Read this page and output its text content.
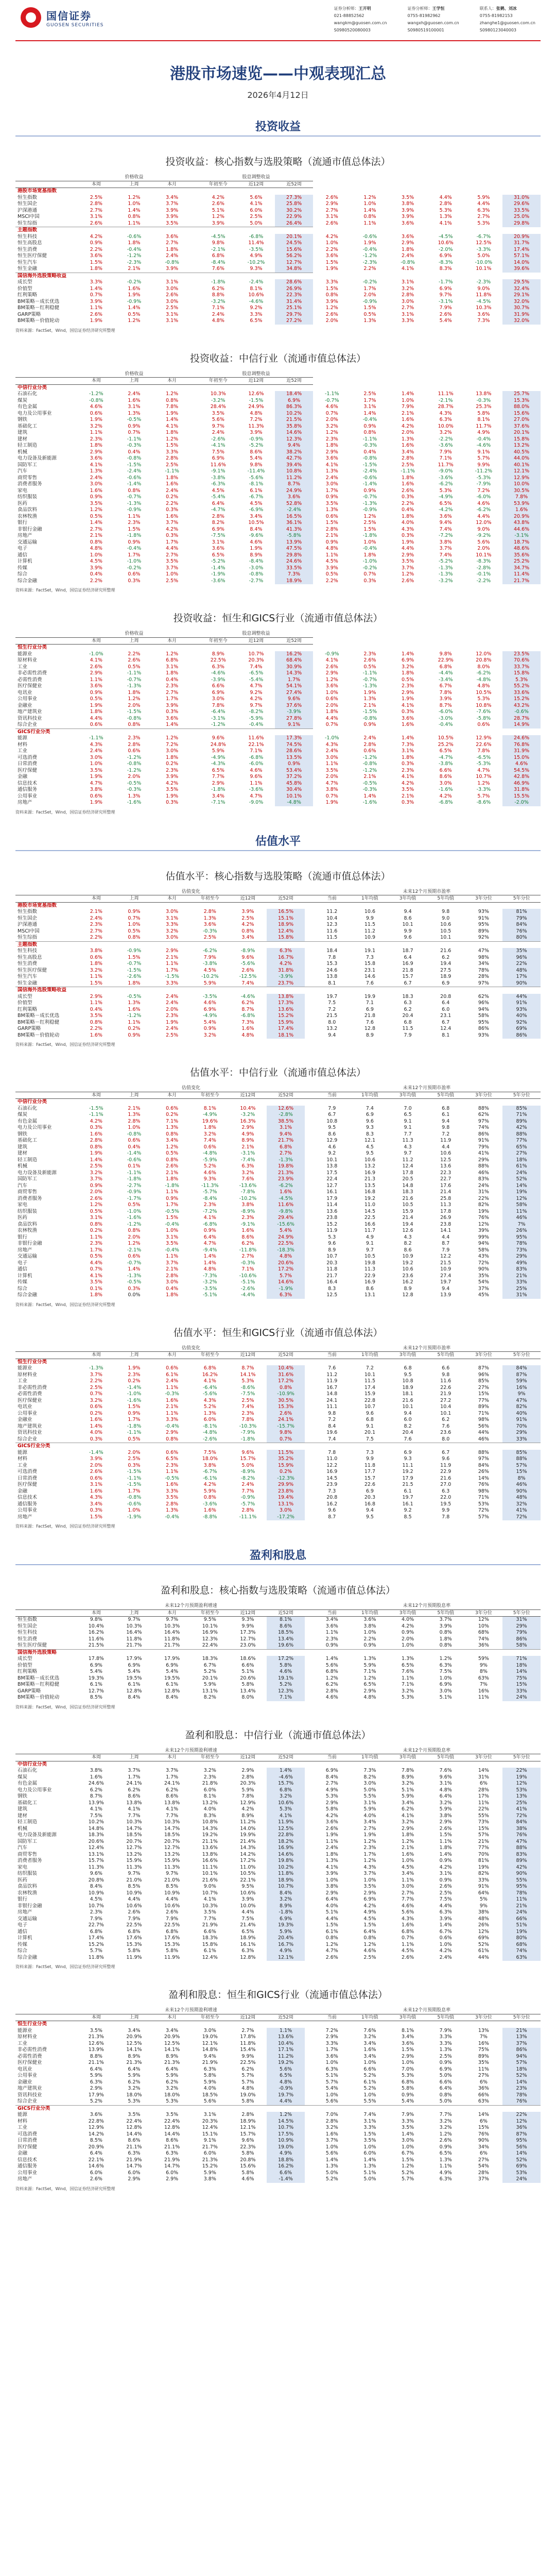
国信证券
GUOSEN SECURITIES
证券分析师：王开明
021-88852562
wangkm@guosen.com.cn
S0980520080003
证券分析师：王学恒
0755-81982962
wangxh@guosen.com.cn
S0980519100001
联系人：张鹤、刘冰
0755-81982153
zhanghe1@guosen.com.cn
S0980123040003
港股市场速览——中观表现汇总
2026年4月12日
投资收益
投资收益：核心指数与选股策略（流通市值总体法）
	价格收益				股息调整收益								
	本周	上周	本月		年初至今	近12周	近52周						
港股市场宽基指数													
恒生指数	2.5%	1.2%	3.4%		4.2%	5.6%	27.3%	2.6%	1.2%	3.5%	4.4%	5.9%	31.0%
恒生国企	2.8%	1.0%	3.7%		2.6%	4.1%	25.8%	2.9%	1.0%	3.8%	2.8%	4.4%	29.6%
沪深港通	2.7%	1.4%	3.9%		5.1%	6.0%	30.2%	2.7%	1.4%	3.9%	5.3%	6.3%	33.5%
MSCI中国	3.1%	0.8%	3.9%		1.2%	2.5%	22.9%	3.1%	0.8%	3.9%	1.3%	2.7%	25.0%
恒生综指	2.6%	1.1%	3.5%		3.9%	5.0%	26.4%	2.6%	1.1%	3.6%	4.1%	5.3%	29.8%
主题指数													
恒生科技	4.2%	-0.6%	3.6%		-4.5%	-6.8%	20.1%	4.2%	-0.6%	3.6%	-4.5%	-6.7%	20.9%
恒生高股息	0.9%	1.8%	2.7%		9.8%	11.4%	24.5%	1.0%	1.9%	2.9%	10.6%	12.5%	31.7%
恒生消费	2.2%	-0.4%	1.8%		-2.1%	-3.5%	15.6%	2.2%	-0.4%	1.8%	-2.0%	-3.3%	17.4%
恒生医疗保健	3.6%	-1.2%	2.4%		6.8%	4.9%	56.2%	3.6%	-1.2%	2.4%	6.9%	5.0%	57.1%
恒生汽车	1.5%	-2.3%	-0.8%		-8.4%	-10.2%	12.7%	1.5%	-2.3%	-0.8%	-8.3%	-10.0%	14.0%
恒生金融	1.8%	2.1%	3.9%		7.6%	9.3%	34.8%	1.9%	2.2%	4.1%	8.3%	10.1%	39.6%
国信海外选股策略收益													
成长型	3.3%	-0.2%	3.1%		-1.8%	-2.4%	28.6%	3.3%	-0.2%	3.1%	-1.7%	-2.3%	29.5%
价值型	1.4%	1.6%	3.0%		6.2%	8.1%	26.9%	1.5%	1.7%	3.2%	6.9%	9.0%	32.4%
红利策略	0.7%	1.9%	2.6%		8.8%	10.6%	22.3%	0.8%	2.0%	2.8%	9.7%	11.8%	29.1%
BM策略－成长优选	3.9%	-0.9%	3.0%		-3.2%	-4.6%	31.4%	3.9%	-0.9%	3.0%	-3.1%	-4.5%	32.0%
BM策略－红利稳健	1.1%	1.4%	2.5%		7.1%	9.2%	25.1%	1.2%	1.5%	2.7%	7.9%	10.3%	30.7%
GARP策略	2.6%	0.5%	3.1%		2.4%	3.3%	29.7%	2.6%	0.5%	3.1%	2.6%	3.6%	31.9%
BM策略－价值轮动	1.9%	1.2%	3.1%		4.8%	6.5%	27.2%	2.0%	1.3%	3.3%	5.4%	7.3%	32.0%
资料来源：FactSet，Wind，国信证券经济研究所整理
投资收益：中信行业（流通市值总体法）
	价格收益				股息调整收益								
	本周	上周	本月		年初至今	近12周	近52周						
中信行业分类													
石油石化	-1.2%	2.4%	1.2%		10.3%	12.6%	18.4%	-1.1%	2.5%	1.4%	11.1%	13.8%	25.7%
煤炭	-0.8%	1.6%	0.8%		-3.2%	-1.5%	6.9%	-0.7%	1.7%	1.0%	-2.1%	-0.3%	15.3%
有色金属	4.6%	3.1%	7.8%		28.4%	24.9%	86.3%	4.6%	3.1%	7.9%	28.7%	25.3%	88.0%
电力及公用事业	0.6%	1.3%	1.9%		3.5%	4.8%	10.2%	0.7%	1.4%	2.1%	4.3%	5.8%	15.6%
钢铁	1.9%	-0.5%	1.4%		5.6%	7.2%	21.5%	2.0%	-0.4%	1.6%	6.3%	8.1%	27.0%
基础化工	3.2%	0.9%	4.1%		9.7%	11.3%	35.8%	3.2%	0.9%	4.2%	10.0%	11.7%	37.6%
建筑	1.1%	0.7%	1.8%		2.4%	3.9%	14.6%	1.2%	0.8%	2.0%	3.2%	4.9%	20.1%
建材	2.3%	-1.1%	1.2%		-2.6%	-0.9%	12.3%	2.3%	-1.1%	1.3%	-2.2%	-0.4%	15.8%
轻工制造	1.8%	-0.3%	1.5%		-4.1%	-5.2%	9.4%	1.8%	-0.3%	1.6%	-3.6%	-4.6%	13.2%
机械	2.9%	0.4%	3.3%		7.5%	8.6%	38.2%	2.9%	0.4%	3.4%	7.9%	9.1%	40.5%
电力设备及新能源	3.6%	-0.8%	2.8%		6.9%	5.4%	42.7%	3.6%	-0.8%	2.8%	7.1%	5.7%	44.0%
国防军工	4.1%	-1.5%	2.5%		11.6%	9.8%	39.4%	4.1%	-1.5%	2.5%	11.7%	9.9%	40.1%
汽车	1.3%	-2.4%	-1.1%		-9.1%	-11.4%	10.8%	1.3%	-2.4%	-1.1%	-9.0%	-11.2%	12.1%
商贸零售	2.4%	-0.6%	1.8%		-3.8%	-5.6%	11.2%	2.4%	-0.6%	1.8%	-3.6%	-5.3%	12.9%
消费者服务	3.0%	-1.4%	1.6%		-6.3%	-8.1%	8.7%	3.0%	-1.4%	1.6%	-6.2%	-7.9%	10.0%
家电	1.6%	0.8%	2.4%		4.5%	6.1%	24.9%	1.7%	0.9%	2.6%	5.3%	7.2%	30.5%
纺织服装	0.9%	-0.7%	0.2%		-5.4%	-6.7%	3.6%	0.9%	-0.7%	0.3%	-4.9%	-6.0%	7.8%
医药	3.5%	-1.3%	2.2%		6.4%	4.5%	52.8%	3.5%	-1.3%	2.2%	6.5%	4.6%	53.9%
食品饮料	1.2%	-0.9%	0.3%		-4.7%	-6.9%	-2.4%	1.3%	-0.9%	0.4%	-4.2%	-6.2%	1.6%
农林牧渔	0.5%	1.1%	1.6%		2.8%	3.4%	16.5%	0.6%	1.2%	1.8%	3.6%	4.4%	20.9%
银行	1.4%	2.3%	3.7%		8.2%	10.5%	36.1%	1.5%	2.5%	4.0%	9.4%	12.0%	43.8%
非银行金融	2.7%	1.5%	4.2%		6.9%	8.4%	41.3%	2.8%	1.5%	4.3%	7.4%	9.0%	44.6%
房地产	2.1%	-1.8%	0.3%		-7.5%	-9.6%	-5.8%	2.1%	-1.8%	0.3%	-7.2%	-9.2%	-3.1%
交通运输	0.8%	0.9%	1.7%		3.1%	4.6%	13.9%	0.9%	1.0%	1.9%	3.8%	5.6%	18.7%
电子	4.8%	-0.4%	4.4%		3.6%	1.9%	47.5%	4.8%	-0.4%	4.4%	3.7%	2.0%	48.6%
通信	1.0%	1.7%	2.7%		6.5%	8.9%	29.8%	1.1%	1.8%	2.9%	7.4%	10.1%	35.6%
计算机	4.5%	-1.0%	3.5%		-5.2%	-8.4%	24.6%	4.5%	-1.0%	3.5%	-5.2%	-8.3%	25.2%
传媒	3.9%	-0.2%	3.7%		-1.4%	-3.0%	33.5%	3.9%	-0.2%	3.7%	-1.3%	-2.8%	34.7%
综合	0.4%	0.6%	1.0%		-1.9%	-0.8%	7.3%	0.5%	0.7%	1.2%	-1.3%	-0.1%	11.4%
综合金融	2.2%	0.3%	2.5%		-3.6%	-2.7%	18.9%	2.2%	0.3%	2.6%	-3.2%	-2.2%	21.7%
资料来源：FactSet，Wind，国信证券经济研究所整理
投资收益：恒生和GICS行业（流通市值总体法）
	价格收益				股息调整收益								
	本周	上周	本月		年初至今	近12周	近52周						
恒生行业分类													
能源业	-1.0%	2.2%	1.2%		8.9%	10.7%	16.2%	-0.9%	2.3%	1.4%	9.8%	12.0%	23.5%
原材料业	4.1%	2.6%	6.8%		22.5%	20.3%	68.4%	4.1%	2.6%	6.9%	22.9%	20.8%	70.6%
工业	2.6%	0.5%	3.1%		6.3%	7.4%	30.9%	2.6%	0.5%	3.2%	6.8%	8.0%	33.7%
非必需性消费	2.9%	-1.1%	1.8%		-4.6%	-6.5%	14.3%	2.9%	-1.1%	1.8%	-4.4%	-6.2%	15.8%
必需性消费	1.1%	-0.7%	0.4%		-3.9%	-5.4%	1.7%	1.2%	-0.7%	0.5%	-3.4%	-4.8%	5.3%
医疗保健业	3.6%	-1.3%	2.3%		6.6%	4.7%	54.1%	3.6%	-1.3%	2.3%	6.7%	4.8%	55.2%
电讯业	0.9%	1.8%	2.7%		6.9%	9.2%	27.4%	1.0%	1.9%	2.9%	7.8%	10.5%	33.6%
公用事业	0.5%	1.2%	1.7%		3.0%	4.2%	9.6%	0.6%	1.3%	1.9%	3.9%	5.3%	15.2%
金融业	1.9%	2.0%	3.9%		7.8%	9.7%	37.6%	2.0%	2.1%	4.1%	8.7%	10.8%	43.2%
地产建筑业	1.8%	-1.5%	0.3%		-6.4%	-8.2%	-3.9%	1.8%	-1.5%	0.3%	-6.0%	-7.6%	-0.6%
资讯科技业	4.4%	-0.8%	3.6%		-3.1%	-5.9%	27.8%	4.4%	-0.8%	3.6%	-3.0%	-5.8%	28.7%
综合企业	0.6%	0.8%	1.4%		-1.2%	-0.4%	9.1%	0.7%	0.9%	1.6%	-0.4%	0.6%	14.9%
GICS行业分类													
能源	-1.1%	2.3%	1.2%		9.6%	11.6%	17.3%	-1.0%	2.4%	1.4%	10.5%	12.9%	24.6%
材料	4.3%	2.8%	7.2%		24.8%	22.1%	74.5%	4.3%	2.8%	7.3%	25.2%	22.6%	76.8%
工业	2.4%	0.6%	3.0%		5.9%	7.1%	28.6%	2.4%	0.6%	3.1%	6.5%	7.8%	31.9%
可选消费	3.0%	-1.2%	1.8%		-4.9%	-6.8%	13.5%	3.0%	-1.2%	1.8%	-4.7%	-6.5%	15.0%
日常消费	1.0%	-0.8%	0.2%		-4.3%	-6.0%	0.9%	1.1%	-0.8%	0.3%	-3.8%	-5.3%	4.6%
医疗保健	3.5%	-1.2%	2.3%		6.5%	4.6%	53.4%	3.5%	-1.2%	2.3%	6.6%	4.7%	54.5%
金融	1.9%	2.0%	3.9%		7.7%	9.6%	37.2%	2.0%	2.1%	4.1%	8.6%	10.7%	42.8%
信息技术	4.7%	-0.5%	4.2%		2.9%	1.1%	45.8%	4.7%	-0.5%	4.2%	3.0%	1.2%	46.9%
通信服务	3.8%	-0.3%	3.5%		-1.8%	-3.6%	30.4%	3.8%	-0.3%	3.5%	-1.6%	-3.3%	31.8%
公用事业	0.6%	1.3%	1.9%		3.4%	4.7%	10.1%	0.7%	1.4%	2.1%	4.2%	5.7%	15.5%
房地产	1.9%	-1.6%	0.3%		-7.1%	-9.0%	-4.8%	1.9%	-1.6%	0.3%	-6.8%	-8.6%	-2.0%
资料来源：FactSet，Wind，国信证券经济研究所整理
估值水平
估值水平：核心指数与选股策略（流通市值总体法）
	估值变化							未来12个月预期市盈率					
	本周	上周	本月	年初至今	近12周	近52周		当前	1年均值	3年均值	5年均值	3年分位	5年分位
港股市场宽基指数													
恒生指数	2.1%	0.9%	3.0%	2.8%	3.9%	16.5%		11.2	10.6	9.4	9.8	93%	81%
恒生国企	2.4%	0.7%	3.1%	1.3%	2.5%	15.1%		10.4	9.9	8.6	9.0	91%	79%
沪深港通	2.3%	1.0%	3.3%	3.6%	4.2%	18.9%		12.3	11.5	10.1	10.6	95%	84%
MSCI中国	2.7%	0.5%	3.2%	-0.3%	0.8%	12.4%		11.6	11.2	9.9	10.5	89%	76%
恒生综指	2.2%	0.8%	3.0%	2.5%	3.4%	15.8%		11.5	10.9	9.6	10.1	92%	80%
主题指数													
恒生科技	3.8%	-0.9%	2.9%	-6.2%	-8.9%	6.3%		18.4	19.1	18.7	21.6	47%	35%
恒生高股息	0.6%	1.5%	2.1%	7.9%	9.6%	16.7%		7.8	7.3	6.4	6.2	98%	96%
恒生消费	1.8%	-0.7%	1.1%	-3.8%	-5.6%	4.2%		15.3	15.8	16.9	19.4	34%	22%
恒生医疗保健	3.2%	-1.5%	1.7%	4.5%	2.6%	31.8%		24.6	23.1	21.8	27.5	78%	48%
恒生汽车	1.1%	-2.6%	-1.5%	-10.2%	-12.5%	-3.9%		13.8	14.6	15.7	18.9	28%	17%
恒生金融	1.5%	1.8%	3.3%	5.9%	7.4%	23.7%		8.1	7.6	6.7	6.9	97%	90%
国信海外选股策略收益													
成长型	2.9%	-0.5%	2.4%	-3.5%	-4.6%	13.8%		19.7	19.9	18.3	20.8	62%	44%
价值型	1.1%	1.3%	2.4%	4.6%	6.2%	17.3%		7.5	7.1	6.3	6.4	96%	91%
红利策略	0.4%	1.6%	2.0%	6.9%	8.7%	13.6%		7.2	6.9	6.2	6.0	94%	93%
BM策略－成长优选	3.5%	-1.2%	2.3%	-4.9%	-6.8%	15.2%		21.5	21.8	20.4	23.1	58%	40%
BM策略－红利稳健	0.8%	1.1%	1.9%	5.4%	7.3%	15.9%		8.0	7.6	6.8	6.7	95%	92%
GARP策略	2.2%	0.2%	2.4%	0.9%	1.6%	17.4%		13.2	12.8	11.5	12.4	86%	69%
BM策略－价值轮动	1.6%	0.9%	2.5%	3.2%	4.8%	18.1%		9.4	8.9	7.9	8.1	93%	86%
资料来源：FactSet，Wind，国信证券经济研究所整理
估值水平：中信行业（流通市值总体法）
	估值变化							未来12个月预期市盈率					
	本周	上周	本月	年初至今	近12周	近52周		当前	1年均值	3年均值	5年均值	3年分位	5年分位
中信行业分类													
石油石化	-1.5%	2.1%	0.6%	8.1%	10.4%	12.6%		7.9	7.4	7.0	6.8	88%	85%
煤炭	-1.1%	1.3%	0.2%	-4.9%	-3.2%	-2.8%		6.7	6.9	6.5	6.1	62%	71%
有色金属	4.2%	2.8%	7.1%	19.6%	16.3%	38.5%		10.8	9.6	9.1	9.4	97%	89%
电力及公用事业	0.3%	1.0%	1.3%	1.8%	2.9%	3.1%		9.5	9.3	9.1	9.8	74%	42%
钢铁	1.6%	-0.8%	0.8%	3.2%	4.9%	9.4%		8.6	8.3	7.7	7.2	86%	88%
基础化工	2.8%	0.6%	3.4%	7.4%	8.9%	21.7%		12.9	12.1	11.3	11.9	91%	77%
建筑	0.8%	0.4%	1.2%	0.6%	2.1%	6.8%		4.6	4.5	4.3	4.4	79%	65%
建材	1.9%	-1.4%	0.5%	-4.8%	-3.1%	2.7%		9.2	9.5	9.7	10.6	41%	27%
轻工制造	1.4%	-0.6%	0.8%	-5.9%	-7.4%	-1.3%		10.1	10.6	11.2	12.5	29%	18%
机械	2.5%	0.1%	2.6%	5.2%	6.3%	19.8%		13.8	13.2	12.4	13.6	88%	61%
电力设备及新能源	3.2%	-1.1%	2.1%	4.6%	3.2%	21.3%		17.5	16.9	17.8	22.3	46%	24%
国防军工	3.7%	-1.8%	1.8%	9.3%	7.6%	23.9%		22.4	21.3	20.5	22.7	83%	52%
汽车	0.9%	-2.7%	-1.8%	-11.3%	-13.6%	-6.2%		12.7	13.5	14.8	17.6	24%	14%
商贸零售	2.0%	-0.9%	1.1%	-5.7%	-7.8%	1.6%		16.1	16.8	18.3	21.4	31%	19%
消费者服务	2.6%	-1.7%	0.9%	-8.4%	-10.2%	-4.5%		17.9	19.2	21.6	25.8	22%	12%
家电	1.2%	0.5%	1.7%	2.3%	3.8%	11.6%		11.4	11.0	10.5	11.3	82%	58%
纺织服装	0.5%	-1.0%	-0.5%	-7.2%	-8.9%	-9.8%		13.6	14.5	15.9	17.8	19%	11%
医药	3.1%	-1.6%	1.5%	4.1%	2.3%	29.4%		23.8	22.5	21.4	26.9	76%	46%
食品饮料	0.8%	-1.2%	-0.4%	-6.8%	-9.1%	-15.6%		15.2	16.6	19.4	23.8	12%	7%
农林牧渔	0.2%	0.8%	1.0%	0.9%	1.6%	5.4%		11.9	11.7	12.6	14.1	39%	26%
银行	1.1%	2.0%	3.1%	6.4%	8.6%	24.9%		5.3	4.9	4.3	4.4	99%	95%
非银行金融	2.3%	1.2%	3.5%	4.7%	6.2%	22.5%		9.6	9.1	8.2	8.7	94%	78%
房地产	1.7%	-2.1%	-0.4%	-9.4%	-11.8%	-18.3%		8.9	9.7	8.6	7.9	58%	73%
交通运输	0.5%	0.6%	1.1%	1.4%	2.7%	4.8%		10.7	10.5	10.9	12.2	43%	29%
电子	4.4%	-0.7%	3.7%	1.4%	-0.3%	20.6%		20.3	19.8	19.2	21.5	72%	49%
通信	0.7%	1.4%	2.1%	4.8%	7.1%	17.2%		11.8	11.3	10.6	10.9	90%	83%
计算机	4.1%	-1.3%	2.8%	-7.3%	-10.6%	5.7%		21.7	22.9	23.6	27.4	35%	21%
传媒	3.5%	-0.5%	3.0%	-3.2%	-5.1%	14.6%		16.4	16.9	16.2	19.7	54%	33%
综合	0.1%	0.3%	0.4%	-3.5%	-2.6%	-1.9%		8.3	8.6	8.9	9.4	37%	25%
综合金融	1.8%	0.0%	1.8%	-5.1%	-4.4%	6.3%		12.5	13.1	12.8	13.9	45%	31%
资料来源：FactSet，Wind，国信证券经济研究所整理
估值水平：恒生和GICS行业（流通市值总体法）
	估值变化							未来12个月预期市盈率					
	本周	上周	本月	年初至今	近12周	近52周		当前	1年均值	3年均值	5年均值	3年分位	5年分位
恒生行业分类													
能源业	-1.3%	1.9%	0.6%	6.8%	8.7%	10.4%		7.6	7.2	6.8	6.6	87%	84%
原材料业	3.7%	2.3%	6.1%	16.2%	14.1%	31.6%		11.2	10.1	9.5	9.8	96%	87%
工业	2.2%	0.2%	2.4%	4.1%	5.3%	17.2%		11.9	11.5	10.8	11.6	85%	59%
非必需性消费	2.5%	-1.4%	1.1%	-6.4%	-8.6%	0.8%		16.7	17.4	18.9	22.6	27%	16%
必需性消费	0.7%	-1.0%	-0.3%	-5.6%	-7.5%	-10.9%		14.8	15.9	18.1	21.9	15%	9%
医疗保健业	3.2%	-1.6%	1.6%	4.3%	2.5%	30.5%		24.1	22.8	21.6	27.2	77%	47%
电讯业	0.6%	1.5%	2.1%	5.2%	7.4%	15.3%		11.1	10.7	10.1	10.4	89%	82%
公用事业	0.2%	0.9%	1.1%	1.3%	2.3%	2.6%		9.8	9.6	9.4	10.1	71%	40%
金融业	1.6%	1.7%	3.3%	6.0%	7.8%	24.1%		7.2	6.8	6.0	6.2	98%	91%
地产建筑业	1.4%	-1.8%	-0.4%	-8.1%	-10.3%	-15.7%		8.4	9.1	8.2	7.6	56%	70%
资讯科技业	4.0%	-1.1%	2.9%	-4.8%	-7.9%	9.8%		19.6	20.1	20.4	23.6	44%	29%
综合企业	0.3%	0.5%	0.8%	-2.6%	-1.8%	0.7%		7.4	7.5	7.6	8.0	46%	33%
GICS行业分类													
能源	-1.4%	2.0%	0.6%	7.5%	9.6%	11.5%		7.8	7.3	6.9	6.7	88%	85%
材料	3.9%	2.5%	6.5%	18.0%	15.7%	35.2%		11.0	9.9	9.3	9.6	97%	88%
工业	2.0%	0.3%	2.3%	3.8%	5.0%	15.9%		12.2	11.8	11.1	11.9	84%	57%
可选消费	2.6%	-1.5%	1.1%	-6.7%	-8.9%	0.2%		16.9	17.7	19.2	22.9	26%	15%
日常消费	0.6%	-1.1%	-0.5%	-6.1%	-8.2%	-12.3%		14.5	15.7	17.9	21.6	14%	8%
医疗保健	3.1%	-1.5%	1.6%	4.2%	2.4%	29.9%		23.9	22.6	21.5	27.0	76%	46%
金融	1.6%	1.7%	3.3%	5.9%	7.7%	23.8%		7.3	6.9	6.1	6.3	98%	90%
信息技术	4.3%	-0.8%	3.5%	0.8%	-0.9%	19.4%		20.8	20.3	19.7	22.0	71%	48%
通信服务	3.4%	-0.6%	2.8%	-3.6%	-5.7%	13.1%		16.2	16.8	16.1	19.5	53%	32%
公用事业	0.3%	1.0%	1.3%	1.6%	2.8%	3.0%		9.6	9.4	9.2	9.9	72%	41%
房地产	1.5%	-1.9%	-0.4%	-8.8%	-11.1%	-17.2%		8.7	9.5	8.5	7.8	57%	72%
资料来源：FactSet，Wind，国信证券经济研究所整理
盈利和股息
盈利和股息：核心指数与选股策略（流通市值总体法）
	未来12个月预期盈利增速							未来12个月预期股息率					
	本周	上周	本月	年初至今	近12周	近52周		当前	1年均值	3年均值	5年均值	3年分位	5年分位
恒生指数	9.8%	9.7%	9.7%	9.5%	9.3%	8.1%		3.4%	3.6%	4.0%	3.7%	12%	31%
恒生国企	10.4%	10.3%	10.3%	10.1%	9.9%	8.6%		3.6%	3.8%	4.2%	3.9%	10%	29%
恒生科技	16.2%	16.4%	16.4%	16.9%	17.3%	18.5%		1.1%	1.0%	0.9%	0.8%	68%	79%
恒生消费	11.6%	11.8%	11.8%	12.3%	12.7%	13.4%		2.3%	2.2%	2.0%	1.8%	74%	86%
恒生医疗保健	21.5%	21.7%	21.7%	22.4%	23.0%	19.6%		0.9%	0.9%	1.0%	0.8%	36%	58%
国信海外选股策略													
成长型	17.8%	17.9%	17.9%	18.3%	18.6%	17.2%		1.4%	1.3%	1.3%	1.2%	59%	71%
价值型	6.9%	6.9%	6.9%	6.7%	6.6%	5.8%		5.6%	5.9%	6.5%	6.3%	9%	18%
红利策略	5.4%	5.4%	5.4%	5.2%	5.1%	4.6%		6.8%	7.1%	7.6%	7.5%	8%	14%
BM策略－成长优选	19.3%	19.5%	19.5%	20.1%	20.6%	19.1%		1.2%	1.2%	1.1%	1.0%	63%	75%
BM策略－红利稳健	6.1%	6.1%	6.1%	5.9%	5.8%	5.2%		6.2%	6.5%	7.1%	6.9%	7%	15%
GARP策略	12.7%	12.8%	12.8%	13.1%	13.4%	12.3%		2.8%	2.9%	3.2%	3.0%	16%	33%
BM策略－价值轮动	8.5%	8.4%	8.4%	8.2%	8.0%	7.1%		4.6%	4.8%	5.3%	5.1%	11%	24%
资料来源：FactSet，Wind，国信证券经济研究所整理
盈利和股息：中信行业（流通市值总体法）
	未来12个月预期盈利增速							未来12个月预期股息率					
	本周	上周	本月	年初至今	近12周	近52周		当前	1年均值	3年均值	5年均值	3年分位	5年分位
中信行业分类													
石油石化	3.8%	3.7%	3.7%	3.2%	2.9%	1.4%		6.9%	7.3%	7.8%	7.6%	14%	22%
煤炭	1.6%	1.7%	1.7%	2.3%	2.8%	-4.6%		8.4%	8.2%	8.9%	9.6%	31%	19%
有色金属	24.6%	24.1%	24.1%	21.8%	20.3%	15.7%		2.7%	3.0%	3.2%	3.1%	6%	12%
电力及公用事业	6.2%	6.2%	6.2%	6.0%	5.9%	6.8%		4.9%	5.0%	5.1%	4.8%	28%	53%
钢铁	8.7%	8.6%	8.6%	8.1%	7.8%	3.2%		5.3%	5.5%	5.9%	6.4%	17%	13%
基础化工	13.9%	13.8%	13.8%	13.2%	12.9%	10.6%		2.9%	3.1%	3.4%	3.2%	11%	25%
建筑	4.1%	4.1%	4.1%	4.0%	4.2%	5.3%		5.8%	5.9%	6.2%	5.9%	22%	41%
建材	7.5%	7.7%	7.7%	8.3%	8.9%	4.1%		4.2%	4.0%	4.1%	3.8%	55%	72%
轻工制造	10.2%	10.3%	10.3%	10.8%	11.2%	11.9%		3.6%	3.4%	3.2%	2.9%	73%	84%
机械	14.8%	14.7%	14.7%	14.3%	14.0%	12.5%		2.6%	2.7%	2.9%	2.6%	15%	38%
电力设备及新能源	18.3%	18.5%	18.5%	19.2%	19.9%	22.8%		1.9%	1.9%	1.8%	1.5%	57%	76%
国防军工	20.6%	20.7%	20.7%	21.1%	21.4%	18.2%		1.1%	1.2%	1.2%	1.1%	21%	47%
汽车	12.4%	12.7%	12.7%	13.6%	14.3%	16.9%		2.4%	2.3%	2.1%	1.8%	77%	88%
商贸零售	13.1%	13.2%	13.2%	13.8%	14.2%	14.6%		1.8%	1.7%	1.6%	1.4%	70%	83%
消费者服务	15.7%	15.9%	15.9%	16.6%	17.2%	19.8%		1.3%	1.2%	1.0%	0.9%	81%	89%
家电	11.3%	11.3%	11.3%	11.1%	11.0%	10.2%		4.1%	4.3%	4.5%	4.2%	19%	42%
纺织服装	9.6%	9.7%	9.7%	10.1%	10.5%	11.8%		3.9%	3.7%	3.4%	3.1%	82%	90%
医药	20.8%	21.0%	21.0%	21.6%	22.1%	18.9%		1.0%	1.0%	1.1%	0.9%	33%	55%
食品饮料	8.4%	8.5%	8.5%	9.0%	9.5%	10.7%		3.8%	3.5%	3.0%	2.6%	91%	95%
农林牧渔	10.9%	10.9%	10.9%	10.7%	10.6%	8.4%		2.9%	2.9%	2.7%	2.5%	64%	78%
银行	4.5%	4.4%	4.4%	4.1%	3.9%	3.2%		6.4%	6.9%	7.7%	7.5%	5%	11%
非银行金融	10.7%	10.6%	10.6%	10.3%	10.0%	8.9%		4.0%	4.2%	4.6%	4.4%	9%	21%
房地产	2.3%	2.6%	2.6%	3.5%	4.4%	-1.8%		5.1%	4.9%	5.6%	6.3%	38%	24%
交通运输	7.9%	7.9%	7.9%	7.7%	7.5%	6.9%		4.4%	4.5%	4.3%	3.9%	48%	66%
电子	22.7%	22.5%	22.5%	21.9%	21.4%	19.3%		1.5%	1.5%	1.6%	1.4%	26%	51%
通信	6.8%	6.8%	6.8%	6.6%	6.5%	5.9%		6.1%	6.4%	6.8%	6.7%	12%	19%
计算机	17.4%	17.6%	17.6%	18.3%	18.9%	20.4%		0.8%	0.8%	0.7%	0.6%	69%	80%
传媒	15.2%	15.3%	15.3%	15.8%	16.1%	16.7%		1.2%	1.2%	1.1%	1.0%	52%	68%
综合	5.7%	5.8%	5.8%	6.1%	6.3%	4.9%		4.7%	4.6%	4.5%	4.2%	61%	74%
综合金融	11.8%	11.9%	11.9%	12.4%	12.8%	12.1%		2.6%	2.5%	2.6%	2.4%	44%	63%
资料来源：FactSet，Wind，国信证券经济研究所整理
盈利和股息：恒生和GICS行业（流通市值总体法）
	未来12个月预期盈利增速							未来12个月预期股息率					
	本周	上周	本月	年初至今	近12周	近52周		当前	1年均值	3年均值	5年均值	3年分位	5年分位
恒生行业分类													
能源业	3.5%	3.4%	3.4%	3.0%	2.7%	1.1%		7.2%	7.6%	8.1%	7.9%	13%	21%
原材料业	21.3%	20.9%	20.9%	19.0%	17.8%	13.6%		2.9%	3.2%	3.4%	3.3%	7%	13%
工业	12.6%	12.5%	12.5%	12.1%	11.8%	10.4%		3.3%	3.4%	3.6%	3.3%	16%	37%
非必需性消费	13.9%	14.1%	14.1%	14.8%	15.4%	17.1%		1.7%	1.6%	1.5%	1.3%	75%	86%
必需性消费	8.8%	8.9%	8.9%	9.4%	9.9%	11.2%		3.6%	3.4%	2.9%	2.5%	89%	94%
医疗保健业	21.1%	21.3%	21.3%	21.9%	22.5%	19.2%		1.0%	1.0%	1.0%	0.9%	35%	57%
电讯业	6.4%	6.4%	6.4%	6.3%	6.2%	5.6%		6.3%	6.6%	7.0%	6.9%	11%	18%
公用事业	5.9%	5.9%	5.9%	5.8%	5.7%	6.5%		5.1%	5.2%	5.3%	5.0%	27%	52%
金融业	6.3%	6.2%	6.2%	5.9%	5.7%	4.8%		5.7%	6.1%	6.8%	6.6%	6%	14%
地产建筑业	2.9%	3.2%	3.2%	4.0%	4.8%	-0.9%		5.4%	5.2%	5.8%	6.4%	36%	23%
资讯科技业	17.9%	18.0%	18.0%	18.5%	19.0%	19.7%		1.0%	1.0%	0.9%	0.8%	66%	78%
综合企业	5.2%	5.3%	5.3%	5.6%	5.8%	4.4%		5.6%	5.5%	5.4%	5.0%	63%	76%
GICS行业分类													
能源	3.6%	3.5%	3.5%	3.1%	2.8%	1.2%		7.0%	7.4%	7.9%	7.7%	14%	22%
材料	22.8%	22.4%	22.4%	20.3%	18.9%	14.5%		2.8%	3.1%	3.3%	3.2%	6%	12%
工业	12.9%	12.8%	12.8%	12.4%	12.1%	10.7%		3.2%	3.3%	3.5%	3.2%	15%	36%
可选消费	14.2%	14.4%	14.4%	15.1%	15.7%	17.5%		1.6%	1.5%	1.4%	1.2%	76%	87%
日常消费	8.5%	8.6%	8.6%	9.1%	9.6%	10.9%		3.7%	3.5%	3.0%	2.6%	90%	95%
医疗保健	20.9%	21.1%	21.1%	21.7%	22.3%	19.0%		1.0%	1.0%	1.0%	0.9%	34%	56%
金融	6.4%	6.3%	6.3%	6.0%	5.8%	4.9%		5.6%	6.0%	6.7%	6.5%	6%	14%
信息技术	22.1%	21.9%	21.9%	21.3%	20.8%	18.8%		1.4%	1.4%	1.5%	1.3%	27%	52%
通信服务	14.6%	14.7%	14.7%	15.2%	15.6%	16.2%		1.3%	1.3%	1.2%	1.1%	54%	69%
公用事业	6.0%	6.0%	6.0%	5.9%	5.8%	6.6%		5.0%	5.1%	5.2%	4.9%	28%	53%
房地产	2.6%	2.9%	2.9%	3.8%	4.6%	-1.4%		5.2%	5.0%	5.7%	6.3%	37%	24%
资料来源：FactSet，Wind，国信证券经济研究所整理
